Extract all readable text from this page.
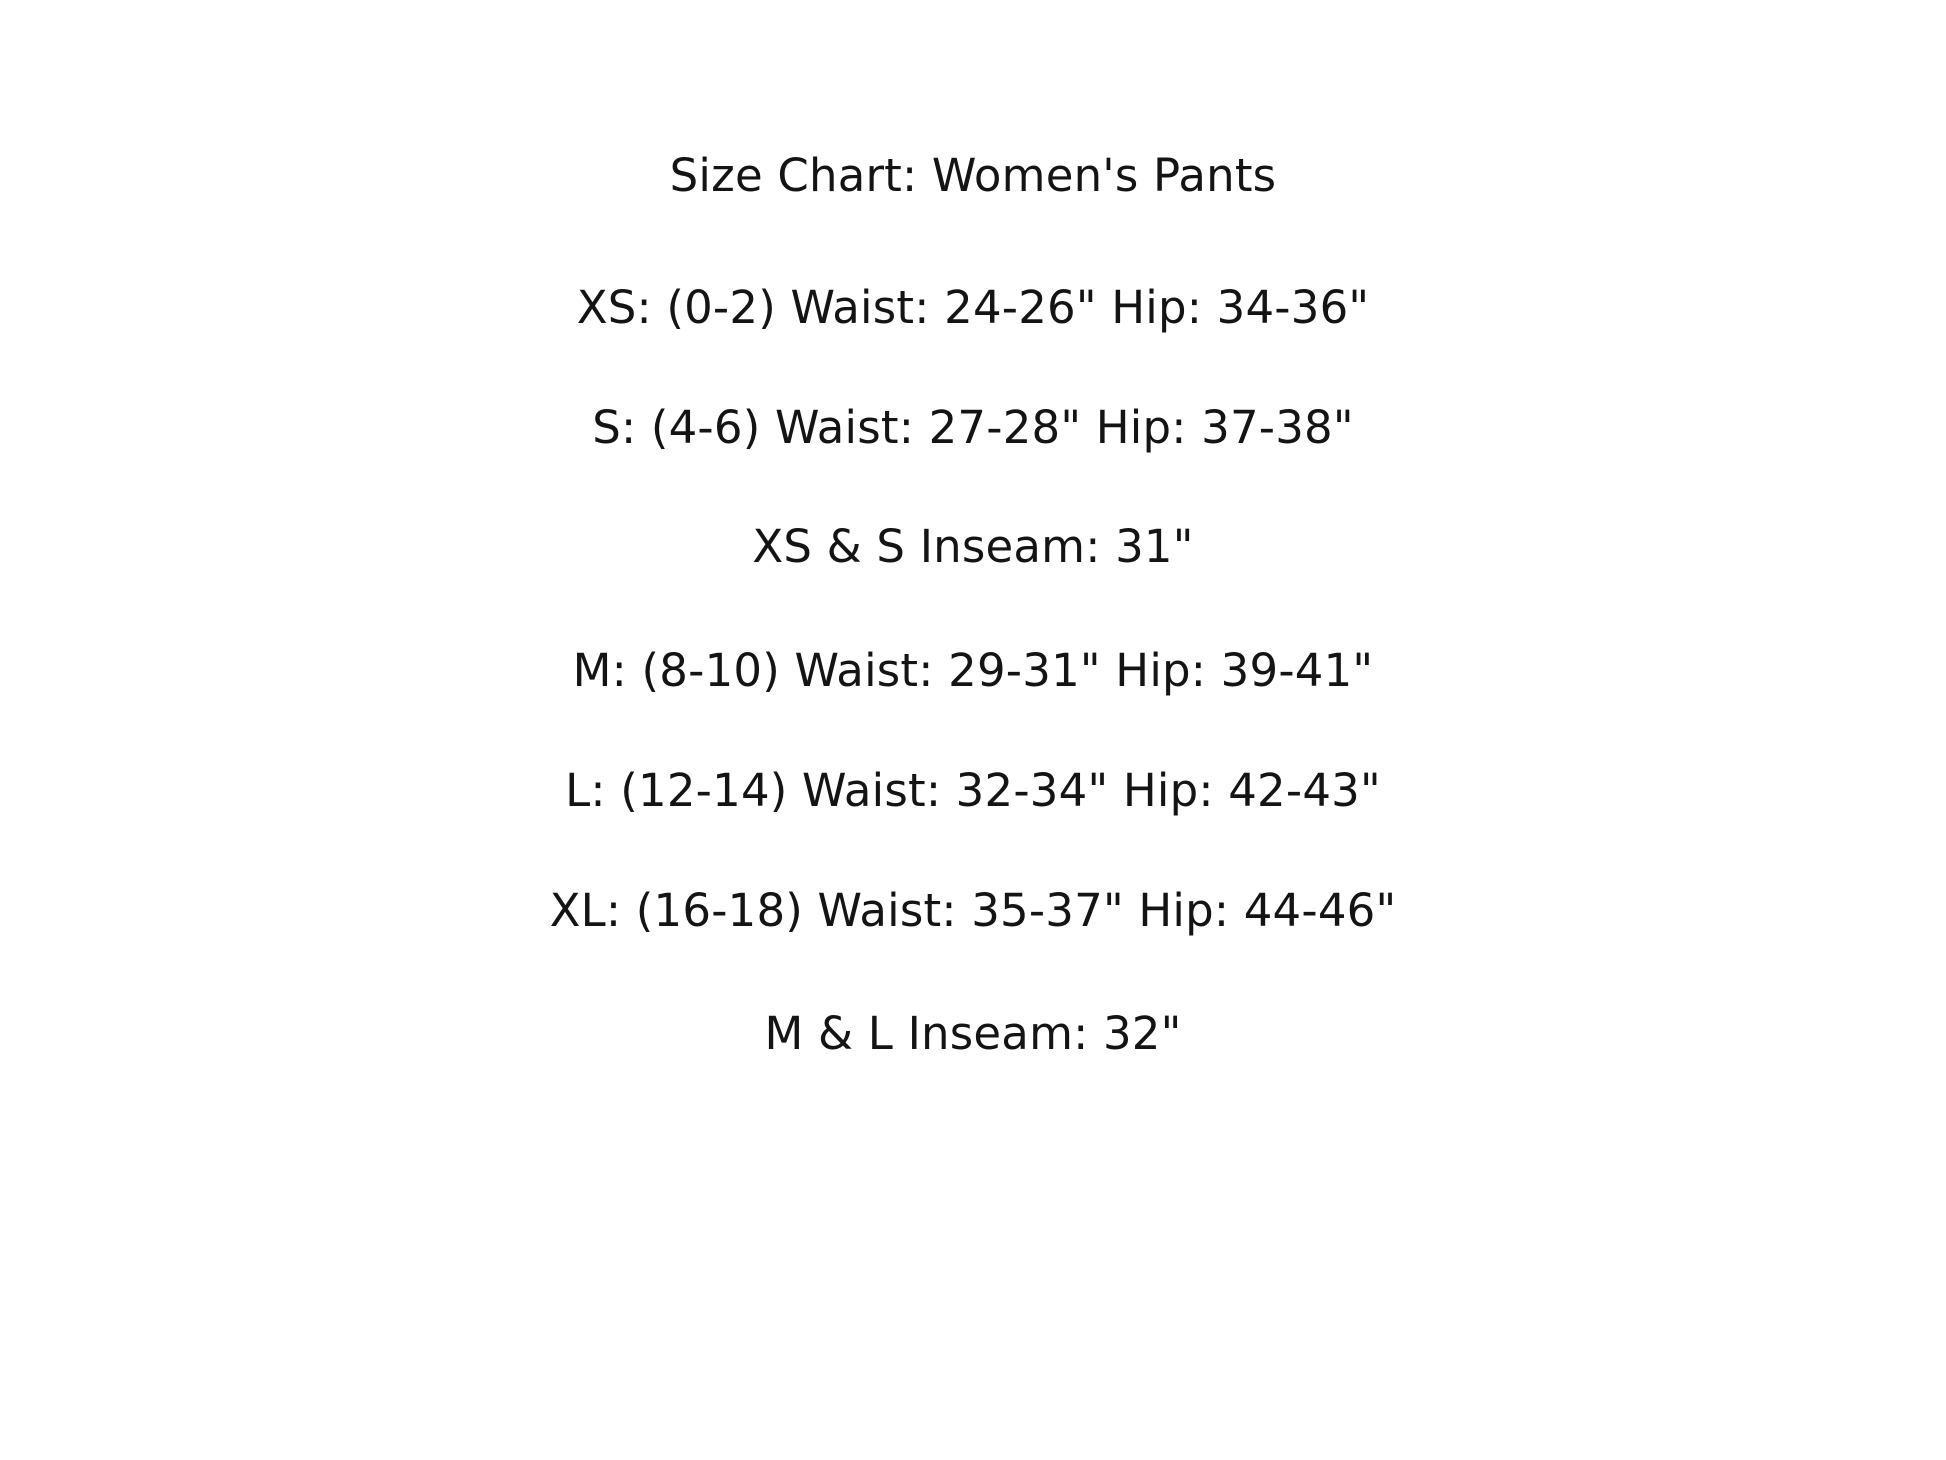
Size Chart: Women's Pants
XS: (0-2) Waist: 24-26" Hip: 34-36"
S: (4-6) Waist: 27-28" Hip: 37-38"
XS & S Inseam: 31"
M: (8-10) Waist: 29-31" Hip: 39-41"
L: (12-14) Waist: 32-34" Hip: 42-43"
XL: (16-18) Waist: 35-37" Hip: 44-46"
M & L Inseam: 32"
